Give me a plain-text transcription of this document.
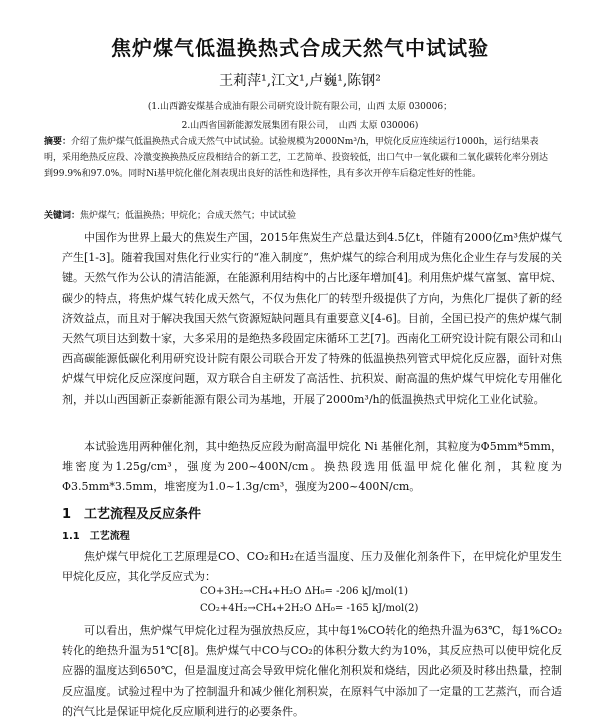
焦炉煤气低温换热式合成天然气中试试验
王莉萍¹,江文¹,卢巍¹,陈钢²
(1.山西潞安煤基合成油有限公司研究设计院有限公司，山西 太原 030006；
2.山西省国新能源发展集团有限公司，　山西 太原 030006)
摘要：介绍了焦炉煤气低温换热式合成天然气中试试验。试验规模为2000Nm³/h，甲烷化反应连续运行1000h，运行结果表明，采用绝热反应段、冷激变换换热反应段相结合的新工艺，工艺简单、投资较低，出口气中一氧化碳和二氧化碳转化率分别达到99.9%和97.0%。同时Ni基甲烷化催化剂表现出良好的活性和选择性，具有多次开停车后稳定性好的性能。
关键词：焦炉煤气；低温换热；甲烷化；合成天然气；中试试验
中国作为世界上最大的焦炭生产国，2015年焦炭生产总量达到4.5亿t，伴随有2000亿m³焦炉煤气产生[1-3]。随着我国对焦化行业实行的“准入制度”，焦炉煤气的综合利用成为焦化企业生存与发展的关键。天然气作为公认的清洁能源，在能源利用结构中的占比逐年增加[4]。利用焦炉煤气富氢、富甲烷、碳少的特点，将焦炉煤气转化成天然气，不仅为焦化厂的转型升级提供了方向，为焦化厂提供了新的经济效益点，而且对于解决我国天然气资源短缺问题具有重要意义[4-6]。目前，全国已投产的焦炉煤气制天然气项目达到数十家，大多采用的是绝热多段固定床循环工艺[7]。西南化工研究设计院有限公司和山西高碳能源低碳化利用研究设计院有限公司联合开发了特殊的低温换热列管式甲烷化反应器，面针对焦炉煤气甲烷化反应深度问题，双方联合自主研发了高活性、抗积炭、耐高温的焦炉煤气甲烷化专用催化剂，并以山西国新正泰新能源有限公司为基地，开展了2000m³/h的低温换热式甲烷化工业化试验。
本试验选用两种催化剂，其中绝热反应段为耐高温甲烷化 Ni 基催化剂，其粒度为Φ5mm*5mm，堆密度为1.25g/cm³，强度为200~400N/cm。换热段选用低温甲烷化催化剂，其粒度为Φ3.5mm*3.5mm，堆密度为1.0~1.3g/cm³，强度为200~400N/cm。
1　工艺流程及反应条件
1.1　工艺流程
焦炉煤气甲烷化工艺原理是CO、CO₂和H₂在适当温度、压力及催化剂条件下，在甲烷化炉里发生甲烷化反应，其化学反应式为：
CO+3H₂→CH₄+H₂O ΔH₀= -206 kJ/mol(1)
CO₂+4H₂→CH₄+2H₂O ΔH₀= -165 kJ/mol(2)
可以看出，焦炉煤气甲烷化过程为强放热反应，其中每1%CO转化的绝热升温为63℃，每1%CO₂转化的绝热升温为51℃[8]。焦炉煤气中CO与CO₂的体积分数大约为10%，其反应热可以使甲烷化反应器的温度达到650℃，但是温度过高会导致甲烷化催化剂积炭和烧结，因此必须及时移出热量，控制反应温度。试验过程中为了控制温升和减少催化剂积炭，在原料气中添加了一定量的工艺蒸汽，而合适的汽气比是保证甲烷化反应顺利进行的必要条件。
